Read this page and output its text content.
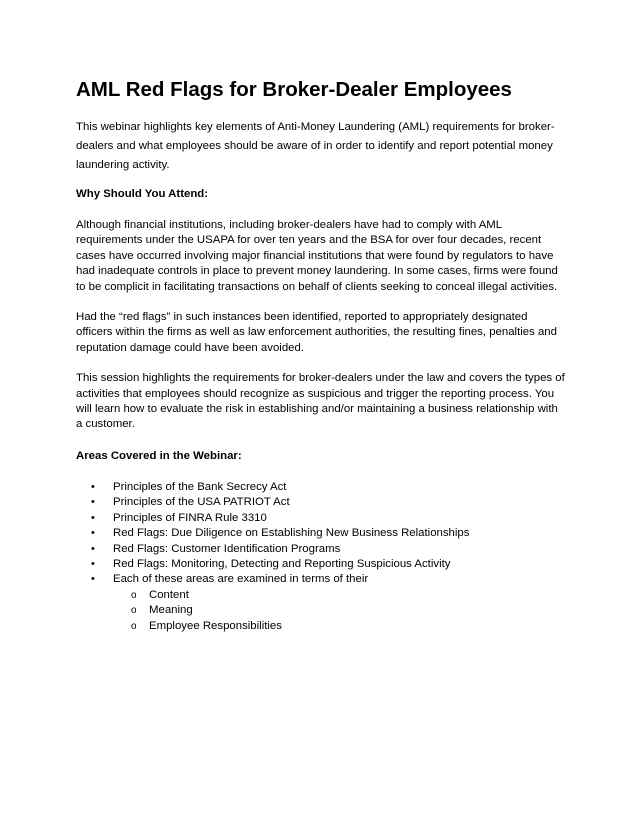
AML Red Flags for Broker-Dealer Employees

This webinar highlights key elements of Anti-Money Laundering (AML) requirements for broker-dealers and what employees should be aware of in order to identify and report potential money laundering activity.

Why Should You Attend:

Although financial institutions, including broker-dealers have had to comply with AML requirements under the USAPA for over ten years and the BSA for over four decades, recent cases have occurred involving major financial institutions that were found by regulators to have had inadequate controls in place to prevent money laundering. In some cases, firms were found to be complicit in facilitating transactions on behalf of clients seeking to conceal illegal activities.

Had the “red flags” in such instances been identified, reported to appropriately designated officers within the firms as well as law enforcement authorities, the resulting fines, penalties and reputation damage could have been avoided.

This session highlights the requirements for broker-dealers under the law and covers the types of activities that employees should recognize as suspicious and trigger the reporting process. You will learn how to evaluate the risk in establishing and/or maintaining a business relationship with a customer.

Areas Covered in the Webinar:
• Principles of the Bank Secrecy Act
• Principles of the USA PATRIOT Act
• Principles of FINRA Rule 3310
• Red Flags: Due Diligence on Establishing New Business Relationships
• Red Flags: Customer Identification Programs
• Red Flags: Monitoring, Detecting and Reporting Suspicious Activity
• Each of these areas are examined in terms of their
o Content
o Meaning
o Employee Responsibilities
